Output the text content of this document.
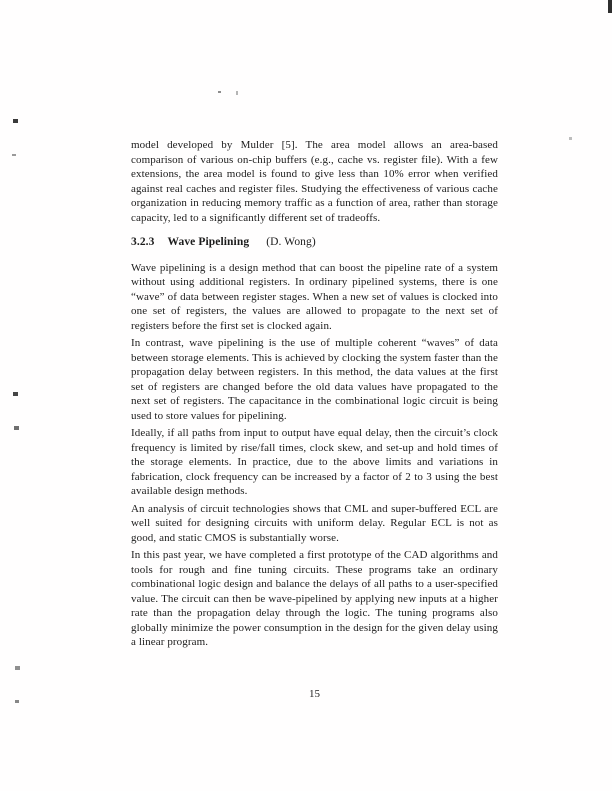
model developed by Mulder [5]. The area model allows an area-based comparison of various on-chip buffers (e.g., cache vs. register file). With a few extensions, the area model is found to give less than 10% error when verified against real caches and register files. Studying the effectiveness of various cache organization in reducing memory traffic as a function of area, rather than storage capacity, led to a significantly different set of tradeoffs.

3.2.3 Wave Pipelining (D. Wong)

Wave pipelining is a design method that can boost the pipeline rate of a system without using additional registers. In ordinary pipelined systems, there is one “wave” of data between register stages. When a new set of values is clocked into one set of registers, the values are allowed to propagate to the next set of registers before the first set is clocked again.

In contrast, wave pipelining is the use of multiple coherent “waves” of data between storage elements. This is achieved by clocking the system faster than the propagation delay between registers. In this method, the data values at the first set of registers are changed before the old data values have propagated to the next set of registers. The capacitance in the combinational logic circuit is being used to store values for pipelining.

Ideally, if all paths from input to output have equal delay, then the circuit’s clock frequency is limited by rise/fall times, clock skew, and set-up and hold times of the storage elements. In practice, due to the above limits and variations in fabrication, clock frequency can be increased by a factor of 2 to 3 using the best available design methods.

An analysis of circuit technologies shows that CML and super-buffered ECL are well suited for designing circuits with uniform delay. Regular ECL is not as good, and static CMOS is substantially worse.

In this past year, we have completed a first prototype of the CAD algorithms and tools for rough and fine tuning circuits. These programs take an ordinary combinational logic design and balance the delays of all paths to a user-specified value. The circuit can then be wave-pipelined by applying new inputs at a higher rate than the propagation delay through the logic. The tuning programs also globally minimize the power consumption in the design for the given delay using a linear program.

15
